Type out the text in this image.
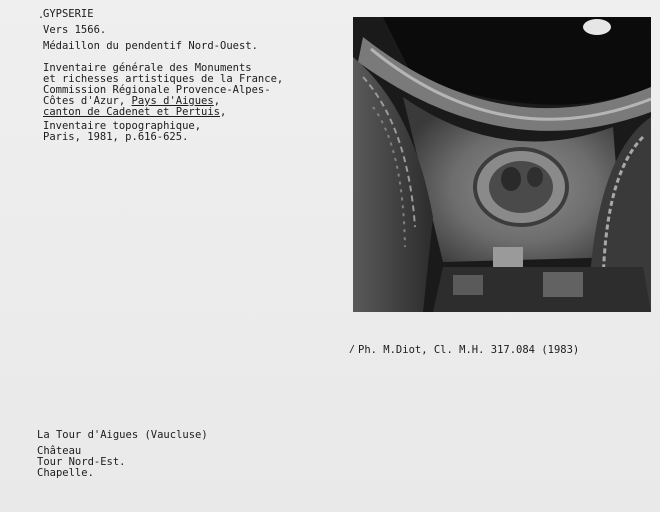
.
GYPSERIE
Vers 1566.
Médaillon du pendentif Nord-Ouest.
Inventaire générale des Monuments
et richesses artistiques de la France,
Commission Régionale Provence-Alpes-
Côtes d'Azur, Pays d'Aigues,
canton de Cadenet et Pertuis,
Inventaire topographique,
Paris, 1981, p.616-625.
/ Ph. M.Diot, Cl. M.H. 317.084 (1983)
La Tour d'Aigues (Vaucluse)
Château
Tour Nord-Est.
Chapelle.
